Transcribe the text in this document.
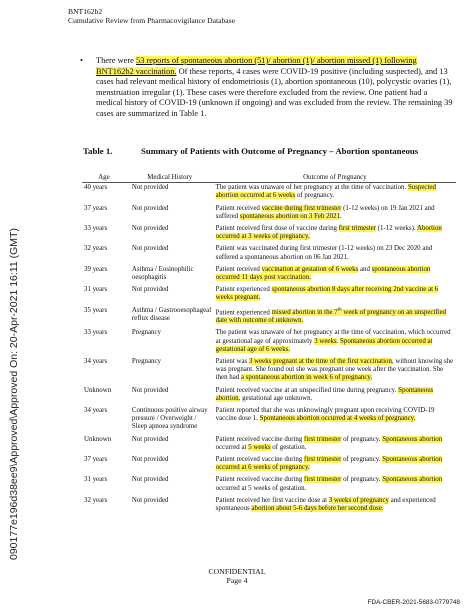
090177e196d38ee9\Approved\Approved On: 20-Apr-2021 16:11 (GMT)
BNT162b2
Cumulative Review from Pharmacovigilance Database
• There were 53 reports of spontaneous abortion (51)/ abortion (1)/ abortion missed (1) following BNT162b2 vaccination. Of these reports, 4 cases were COVID-19 positive (including suspected), and 13 cases had relevant medical history of endometriosis (1), abortion spontaneous (10), polycystic ovaries (1), menstruation irregular (1). These cases were therefore excluded from the review. One patient had a medical history of COVID-19 (unknown if ongoing) and was excluded from the review. The remaining 39 cases are summarized in Table 1.
Table 1.	Summary of Patients with Outcome of Pregnancy – Abortion spontaneous
Age	Medical History	Outcome of Pregnancy
40 years	Not provided	The patient was unaware of her pregnancy at the time of vaccination. Suspected abortion occurred at 6 weeks of pregnancy.
37 years	Not provided	Patient received vaccine during first trimester (1-12 weeks) on 19 Jan 2021 and suffered spontaneous abortion on 3 Feb 2021.
33 years	Not provided	Patient received first dose of vaccine during first trimester (1-12 weeks). Abortion occurred at 3 weeks of pregnancy.
32 years	Not provided	Patient was vaccinated during first trimester (1-12 weeks) on 23 Dec 2020 and suffered a spontaneous abortion on 06 Jan 2021.
39 years	Asthma / Eosinophilic oesophagitis	Patient received vaccination at gestation of 6 weeks and spontaneous abortion occurred 11 days post vaccination.
31 years	Not provided	Patient experienced spontaneous abortion 8 days after receiving 2nd vaccine at 6 weeks pregnant.
35 years	Asthma / Gastrooesophageal reflux disease	Patient experienced missed abortion in the 7th week of pregnancy on an unspecified date with outcome of unknown.
33 years	Pregnancy	The patient was unaware of her pregnancy at the time of vaccination, which occurred at gestational age of approximately 3 weeks. Spontaneous abortion occurred at gestational age of 6 weeks.
34 years	Pregnancy	Patient was 3 weeks pregnant at the time of the first vaccination, without knowing she was pregnant. She found out she was pregnant one week after the vaccination. She then had a spontaneous abortion in week 6 of pregnancy.
Unknown	Not provided	Patient received vaccine at an unspecified time during pregnancy. Spontaneous abortion, gestational age unknown.
34 years	Continuous positive airway pressure / Overweight / Sleep apnoea syndrome	Patient reported that she was unknowingly pregnant upon receiving COVID-19 vaccine dose 1. Spontaneous abortion occurred at 4 weeks of pregnancy.
Unknown	Not provided	Patient received vaccine during first trimester of pregnancy. Spontaneous abortion occurred at 5 weeks of gestation.
37 years	Not provided	Patient received vaccine during first trimester of pregnancy. Spontaneous abortion occurred at 6 weeks of pregnancy.
31 years	Not provided	Patient received vaccine during first trimester of pregnancy. Spontaneous abortion occurred at 5 weeks of gestation.
32 years	Not provided	Patient received her first vaccine dose at 3 weeks of pregnancy and experienced spontaneous abortion about 5-6 days before her second dose.
CONFIDENTIAL
Page 4
FDA-CBER-2021-5683-0779748
